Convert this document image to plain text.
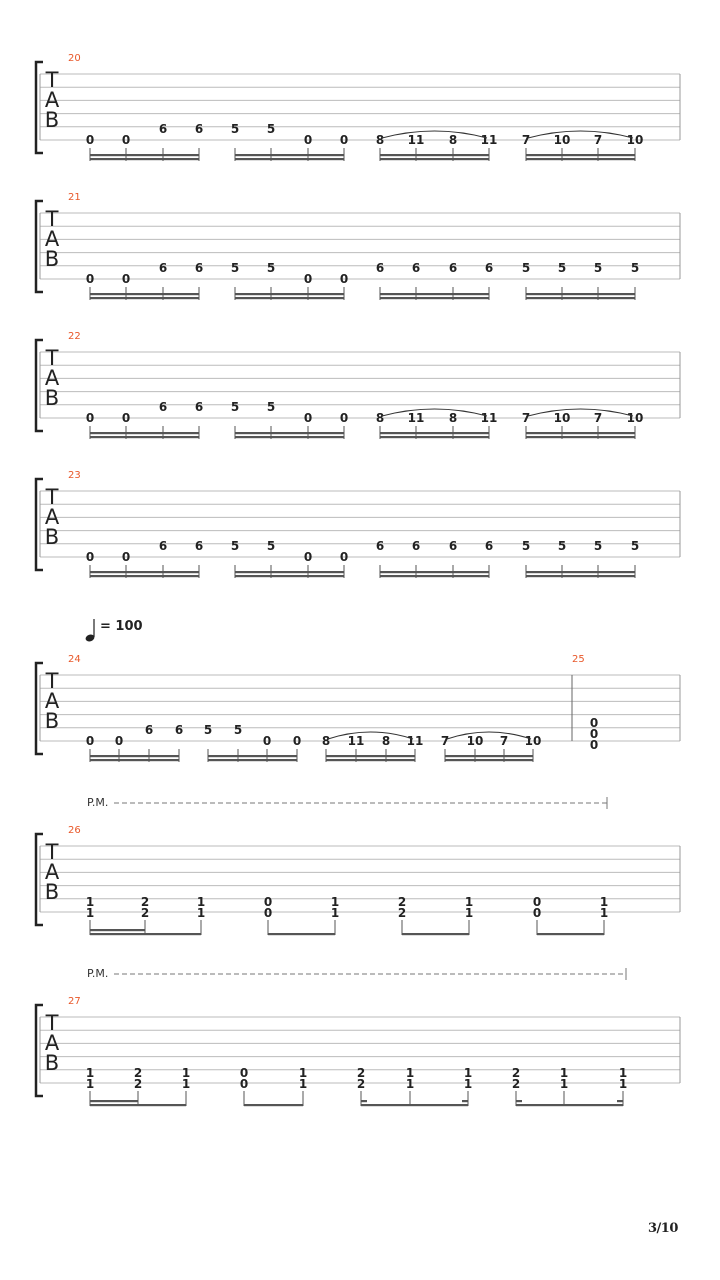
T
A
B
20
0 0
6 6 5 5
0 0 8 11 8 11 7 10 7 10
T
A
B
21
0 0
6 6 5 5
0 0
6 6 6 6 5 5 5 5
T
A
B
22
0 0
6 6 5 5
0 0 8 11 8 11 7 10 7 10
T
A
B
23
0 0
6 6 5 5
0 0
6 6 6 6 5 5 5 5
T
A
B
= 100
24	25
0 0
6 6 5 5
0 0 8 11 8 11 7 10 7 10
0
0
0
T
A
B
P.M.
26
1
1
2
2
1
1
0
0
1
1
2
2
1
1
0
0
1
1
T
A
B
P.M.
27
1
1
2
2
1
1
0
0
1
1
2
2
1
1
1
1
2
2
1
1
1
1
3/10
